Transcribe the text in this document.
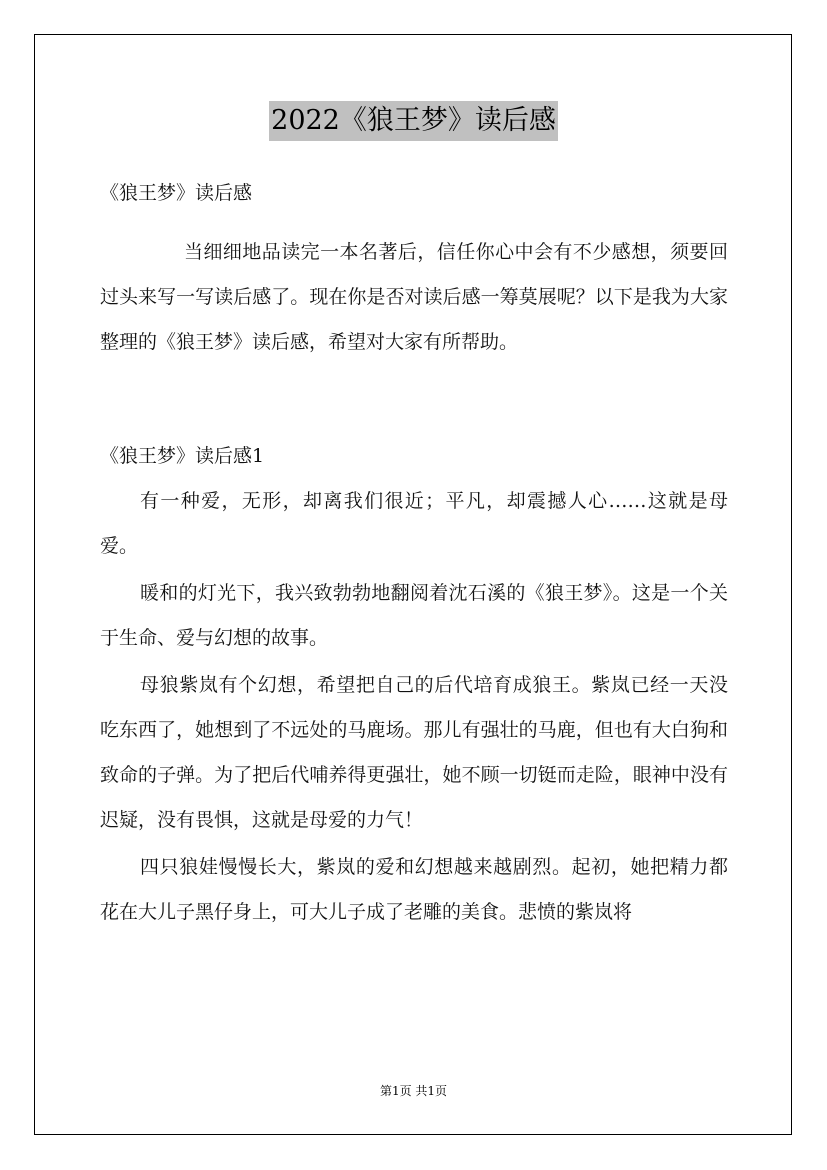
2022《狼王梦》读后感

《狼王梦》读后感

当细细地品读完一本名著后，信任你心中会有不少感想，须要回过头来写一写读后感了。现在你是否对读后感一筹莫展呢？以下是我为大家整理的《狼王梦》读后感，希望对大家有所帮助。

《狼王梦》读后感1

有一种爱，无形，却离我们很近；平凡，却震撼人心……这就是母爱。

暖和的灯光下，我兴致勃勃地翻阅着沈石溪的《狼王梦》。这是一个关于生命、爱与幻想的故事。

母狼紫岚有个幻想，希望把自己的后代培育成狼王。紫岚已经一天没吃东西了，她想到了不远处的马鹿场。那儿有强壮的马鹿，但也有大白狗和致命的子弹。为了把后代哺养得更强壮，她不顾一切铤而走险，眼神中没有迟疑，没有畏惧，这就是母爱的力气！

四只狼娃慢慢长大，紫岚的爱和幻想越来越剧烈。起初，她把精力都花在大儿子黑仔身上，可大儿子成了老雕的美食。悲愤的紫岚将

第1页 共1页
